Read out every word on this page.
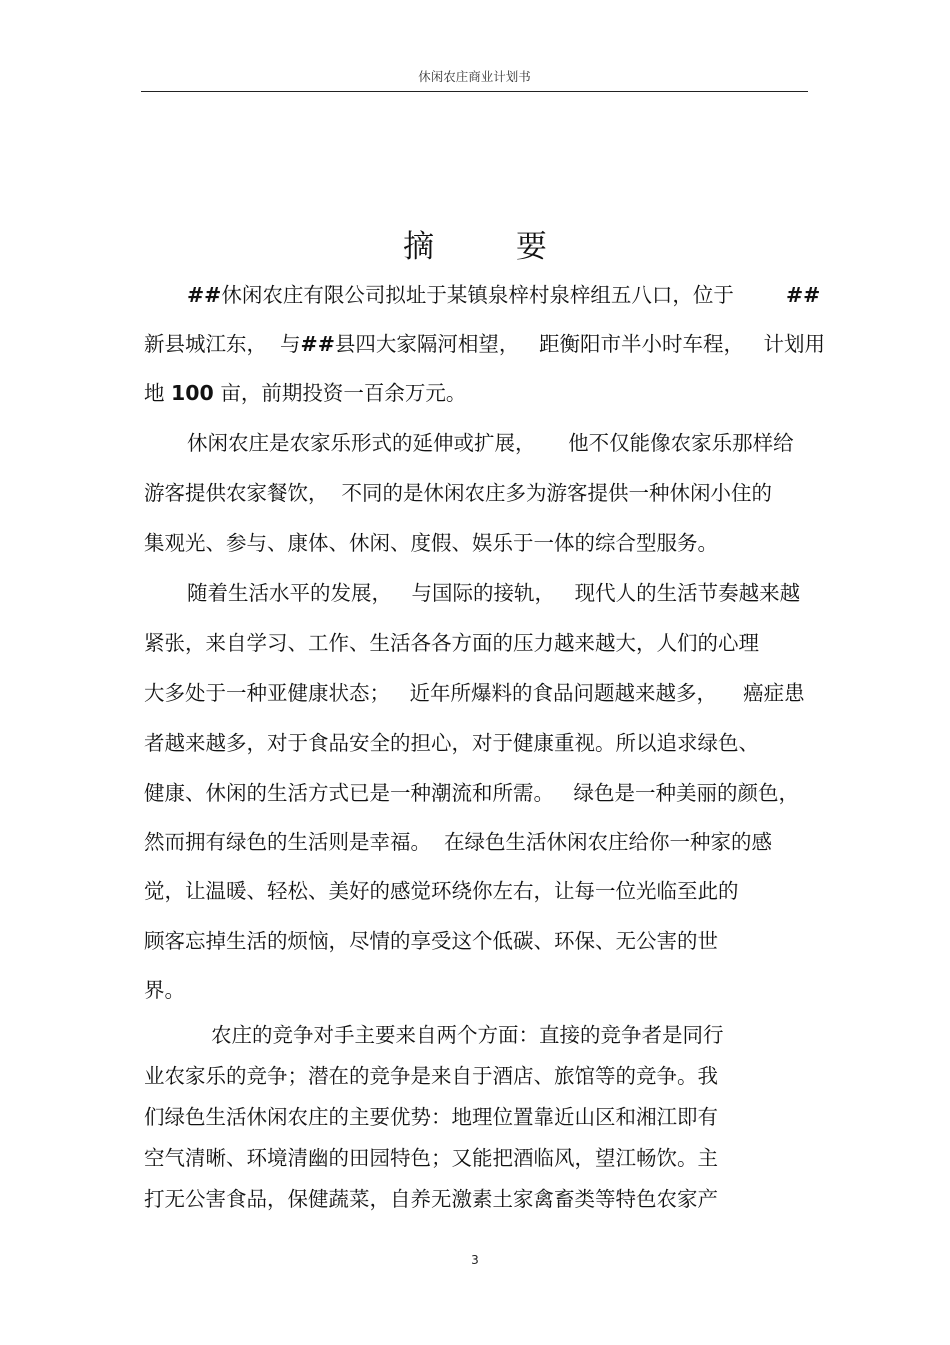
休闲农庄商业计划书
摘 要
##休闲农庄有限公司拟址于某镇泉梓村泉梓组五八口，位于        ##
新县城江东，  与##县四大家隔河相望，   距衡阳市半小时车程，   计划用
地 100 亩，前期投资一百余万元。
休闲农庄是农家乐形式的延伸或扩展，     他不仅能像农家乐那样给
游客提供农家餐饮，  不同的是休闲农庄多为游客提供一种休闲小住的
集观光、参与、康体、休闲、度假、娱乐于一体的综合型服务。
随着生活水平的发展，   与国际的接轨，   现代人的生活节奏越来越
紧张，来自学习、工作、生活各各方面的压力越来越大，人们的心理
大多处于一种亚健康状态；   近年所爆料的食品问题越来越多，    癌症患
者越来越多，对于食品安全的担心，对于健康重视。所以追求绿色、
健康、休闲的生活方式已是一种潮流和所需。   绿色是一种美丽的颜色，
然而拥有绿色的生活则是幸福。  在绿色生活休闲农庄给你一种家的感
觉，让温暖、轻松、美好的感觉环绕你左右，让每一位光临至此的
顾客忘掉生活的烦恼，尽情的享受这个低碳、环保、无公害的世
界。
农庄的竞争对手主要来自两个方面：直接的竞争者是同行
业农家乐的竞争；潜在的竞争是来自于酒店、旅馆等的竞争。我
们绿色生活休闲农庄的主要优势：地理位置靠近山区和湘江即有
空气清晰、环境清幽的田园特色；又能把酒临风，望江畅饮。主
打无公害食品，保健蔬菜，自养无激素土家禽畜类等特色农家产
3
